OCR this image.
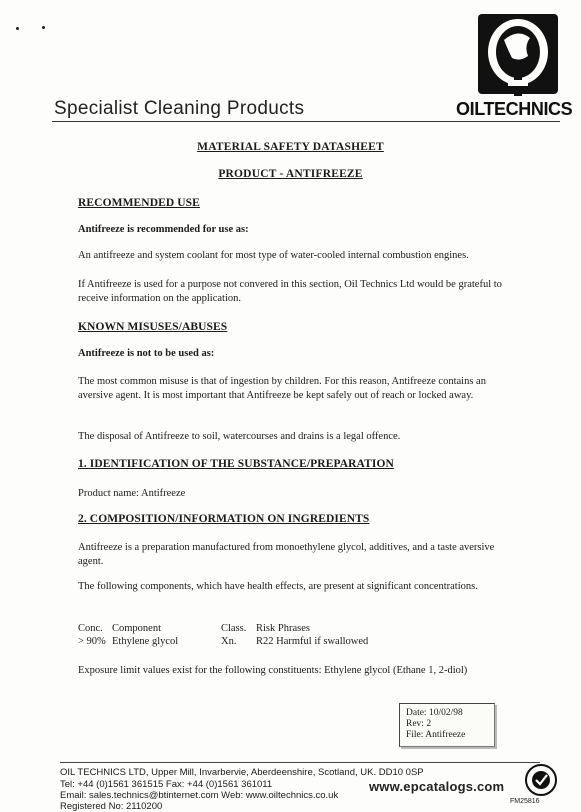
Specialist Cleaning Products	OILTECHNICS
MATERIAL SAFETY DATASHEET
PRODUCT - ANTIFREEZE
RECOMMENDED USE
Antifreeze is recommended for use as:
An antifreeze and system coolant for most type of water-cooled internal combustion engines.
If Antifreeze is used for a purpose not convered in this section, Oil Technics Ltd would be grateful to receive information on the application.
KNOWN MISUSES/ABUSES
Antifreeze is not to be used as:
The most common misuse is that of ingestion by children. For this reason, Antifreeze contains an aversive agent. It is most important that Antifreeze be kept safely out of reach or locked away.
The disposal of Antifreeze to soil, watercourses and drains is a legal offence.
1. IDENTIFICATION OF THE SUBSTANCE/PREPARATION
Product name: Antifreeze
2. COMPOSITION/INFORMATION ON INGREDIENTS
Antifreeze is a preparation manufactured from monoethylene glycol, additives, and a taste aversive agent.
The following components, which have health effects, are present at significant concentrations.
Conc. Component	Class. Risk Phrases
> 90% Ethylene glycol	Xn. R22 Harmful if swallowed
Exposure limit values exist for the following constituents: Ethylene glycol (Ethane 1, 2-diol)
Date: 10/02/98
Rev: 2
File: Antifreeze
OIL TECHNICS LTD, Upper Mill, Invarbervie, Aberdeenshire, Scotland, UK. DD10 0SP
Tel: +44 (0)1561 361515 Fax: +44 (0)1561 361011
Email: sales.technics@btinternet.com Web: www.oiltechnics.co.uk
Registered No: 2110200
www.epcatalogs.com
FM25816
